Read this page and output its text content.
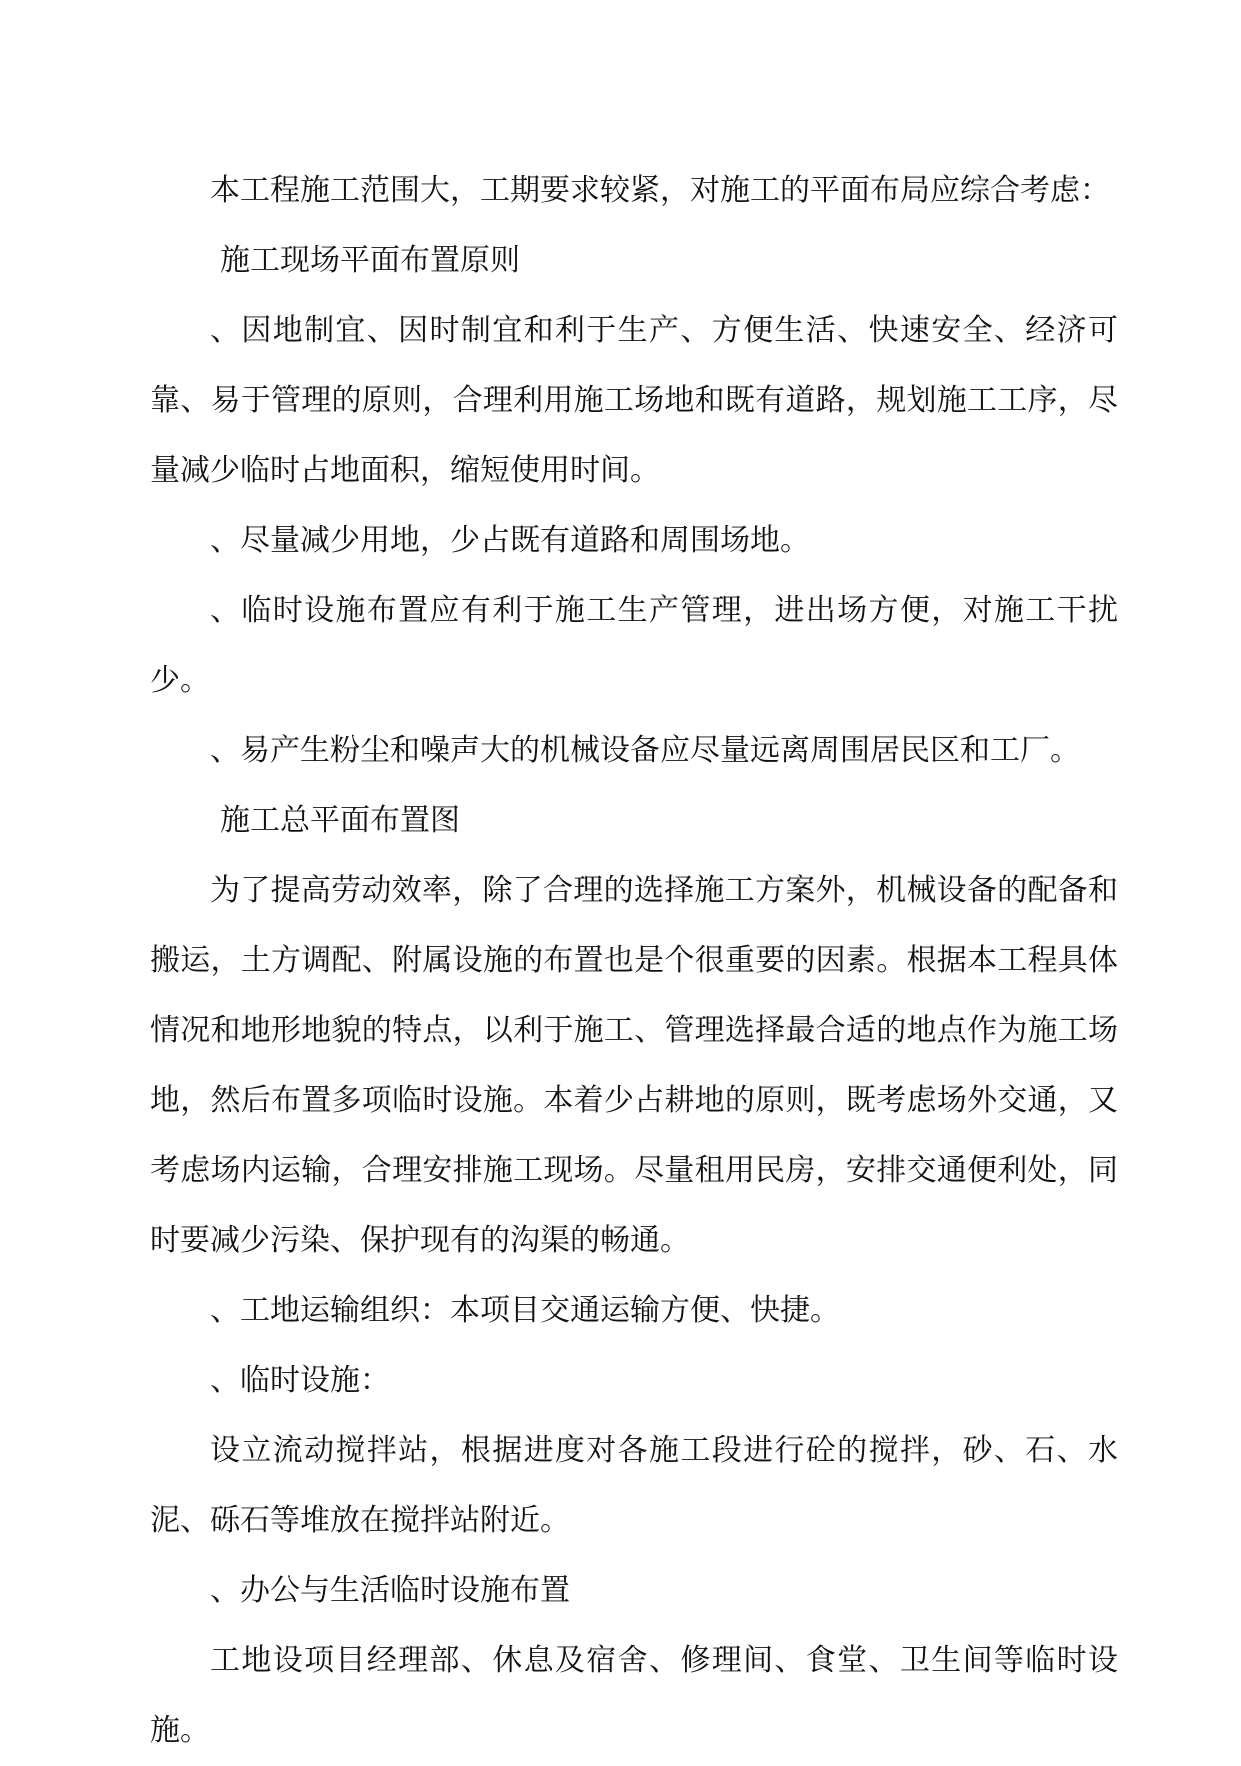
本工程施工范围大，工期要求较紧，对施工的平面布局应综合考虑：

施工现场平面布置原则

、因地制宜、因时制宜和利于生产、方便生活、快速安全、经济可靠、易于管理的原则，合理利用施工场地和既有道路，规划施工工序，尽量减少临时占地面积，缩短使用时间。

、尽量减少用地，少占既有道路和周围场地。

、临时设施布置应有利于施工生产管理，进出场方便，对施工干扰少。

、易产生粉尘和噪声大的机械设备应尽量远离周围居民区和工厂。

施工总平面布置图

为了提高劳动效率，除了合理的选择施工方案外，机械设备的配备和搬运，土方调配、附属设施的布置也是个很重要的因素。根据本工程具体情况和地形地貌的特点，以利于施工、管理选择最合适的地点作为施工场地，然后布置多项临时设施。本着少占耕地的原则，既考虑场外交通，又考虑场内运输，合理安排施工现场。尽量租用民房，安排交通便利处，同时要减少污染、保护现有的沟渠的畅通。

、工地运输组织：本项目交通运输方便、快捷。

、临时设施：

设立流动搅拌站，根据进度对各施工段进行砼的搅拌，砂、石、水泥、砾石等堆放在搅拌站附近。

、办公与生活临时设施布置

工地设项目经理部、休息及宿舍、修理间、食堂、卫生间等临时设施。
